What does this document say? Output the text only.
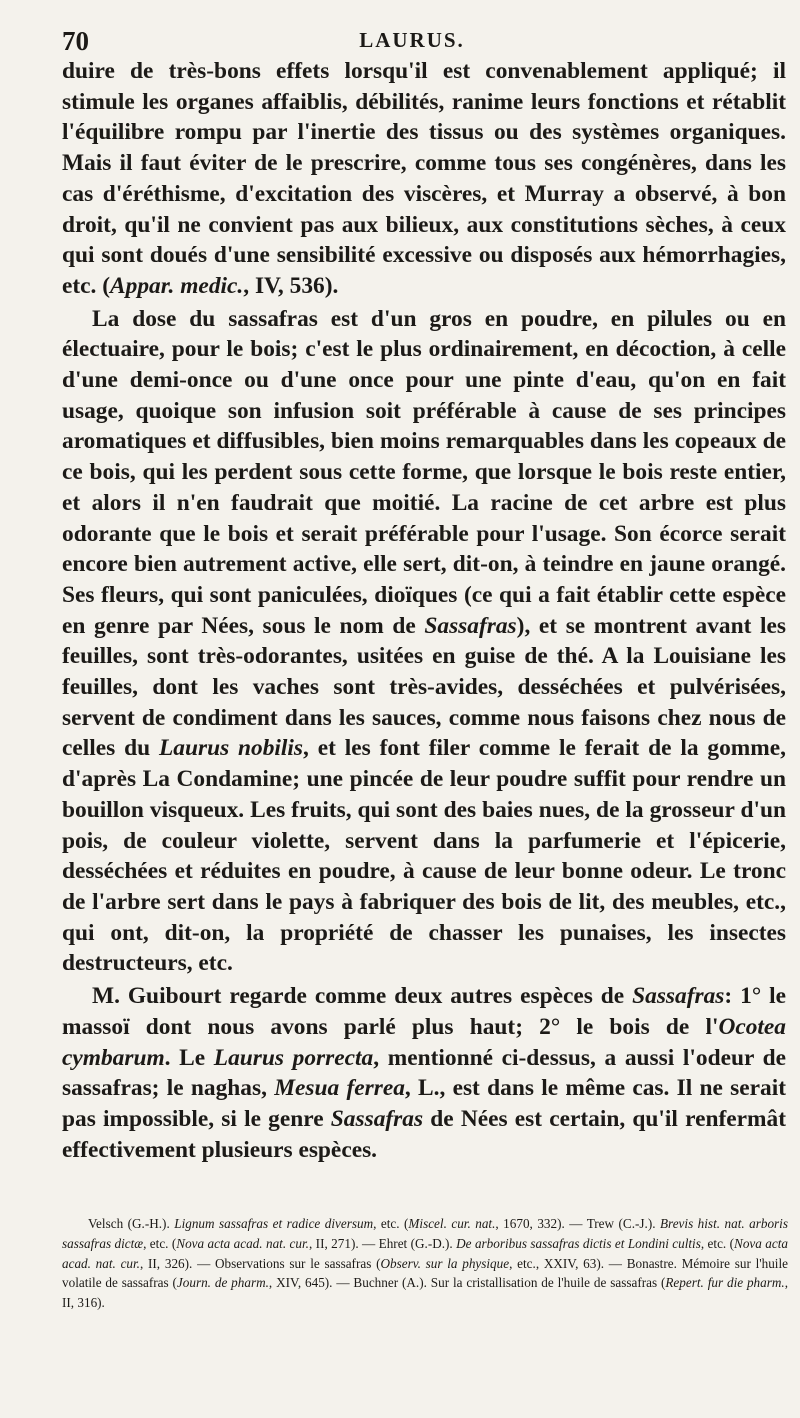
70	LAURUS.

duire de très-bons effets lorsqu'il est convenablement appliqué; il stimule les organes affaiblis, débilités, ranime leurs fonctions et rétablit l'équilibre rompu par l'inertie des tissus ou des systèmes organiques. Mais il faut éviter de le prescrire, comme tous ses congénères, dans les cas d'éréthisme, d'excitation des viscères, et Murray a observé, à bon droit, qu'il ne convient pas aux bilieux, aux constitutions sèches, à ceux qui sont doués d'une sensibilité excessive ou disposés aux hémorrhagies, etc. (Appar. medic., IV, 536).

La dose du sassafras est d'un gros en poudre, en pilules ou en électuaire, pour le bois; c'est le plus ordinairement, en décoction, à celle d'une demi-once ou d'une once pour une pinte d'eau, qu'on en fait usage, quoique son infusion soit préférable à cause de ses principes aromatiques et diffusibles, bien moins remarquables dans les copeaux de ce bois, qui les perdent sous cette forme, que lorsque le bois reste entier, et alors il n'en faudrait que moitié. La racine de cet arbre est plus odorante que le bois et serait préférable pour l'usage. Son écorce serait encore bien autrement active, elle sert, dit-on, à teindre en jaune orangé. Ses fleurs, qui sont paniculées, dioïques (ce qui a fait établir cette espèce en genre par Nées, sous le nom de Sassafras), et se montrent avant les feuilles, sont très-odorantes, usitées en guise de thé. A la Louisiane les feuilles, dont les vaches sont très-avides, desséchées et pulvérisées, servent de condiment dans les sauces, comme nous faisons chez nous de celles du Laurus nobilis, et les font filer comme le ferait de la gomme, d'après La Condamine; une pincée de leur poudre suffit pour rendre un bouillon visqueux. Les fruits, qui sont des baies nues, de la grosseur d'un pois, de couleur violette, servent dans la parfumerie et l'épicerie, desséchées et réduites en poudre, à cause de leur bonne odeur. Le tronc de l'arbre sert dans le pays à fabriquer des bois de lit, des meubles, etc., qui ont, dit-on, la propriété de chasser les punaises, les insectes destructeurs, etc.

M. Guibourt regarde comme deux autres espèces de Sassafras: 1° le massoï dont nous avons parlé plus haut; 2° le bois de l'Ocotea cymbarum. Le Laurus porrecta, mentionné ci-dessus, a aussi l'odeur de sassafras; le naghas, Mesua ferrea, L., est dans le même cas. Il ne serait pas impossible, si le genre Sassafras de Nées est certain, qu'il renfermât effectivement plusieurs espèces.

Velsch (G.-H.). Lignum sassafras et radice diversum, etc. (Miscel. cur. nat., 1670, 332). — Trew (C.-J.). Brevis hist. nat. arboris sassafras dictæ, etc. (Nova acta acad. nat. cur., II, 271). — Ehret (G.-D.). De arboribus sassafras dictis et Londini cultis, etc. (Nova acta acad. nat. cur., II, 326). — Observations sur le sassafras (Observ. sur la physique, etc., XXIV, 63). — Bonastre. Mémoire sur l'huile volatile de sassafras (Journ. de pharm., XIV, 645). — Buchner (A.). Sur la cristallisation de l'huile de sassafras (Repert. fur die pharm., II, 316).
